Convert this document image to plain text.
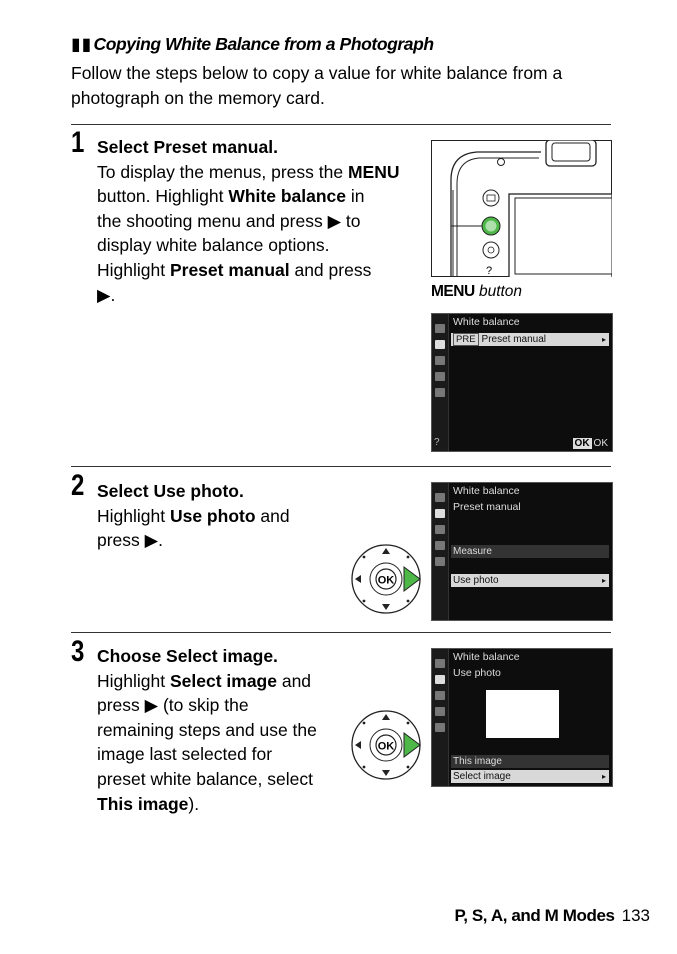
▮▮ Copying White Balance from a Photograph
Follow the steps below to copy a value for white balance from a photograph on the memory card.
1 Select Preset manual.
To display the menus, press the MENU
button. Highlight White balance in
the shooting menu and press ▶ to
display white balance options.
Highlight Preset manual and press
▶.
?
MENU button
White balance
PRE Preset manual	▸
?	OK OK
2 Select Use photo.
Highlight Use photo and
press ▶.
OK
White balance
Preset manual
Measure
Use photo	▸
3 Choose Select image.
Highlight Select image and
press ▶ (to skip the
remaining steps and use the
image last selected for
preset white balance, select
This image).
OK
White balance
Use photo
This image
Select image	▸
P, S, A, and M Modes 133
